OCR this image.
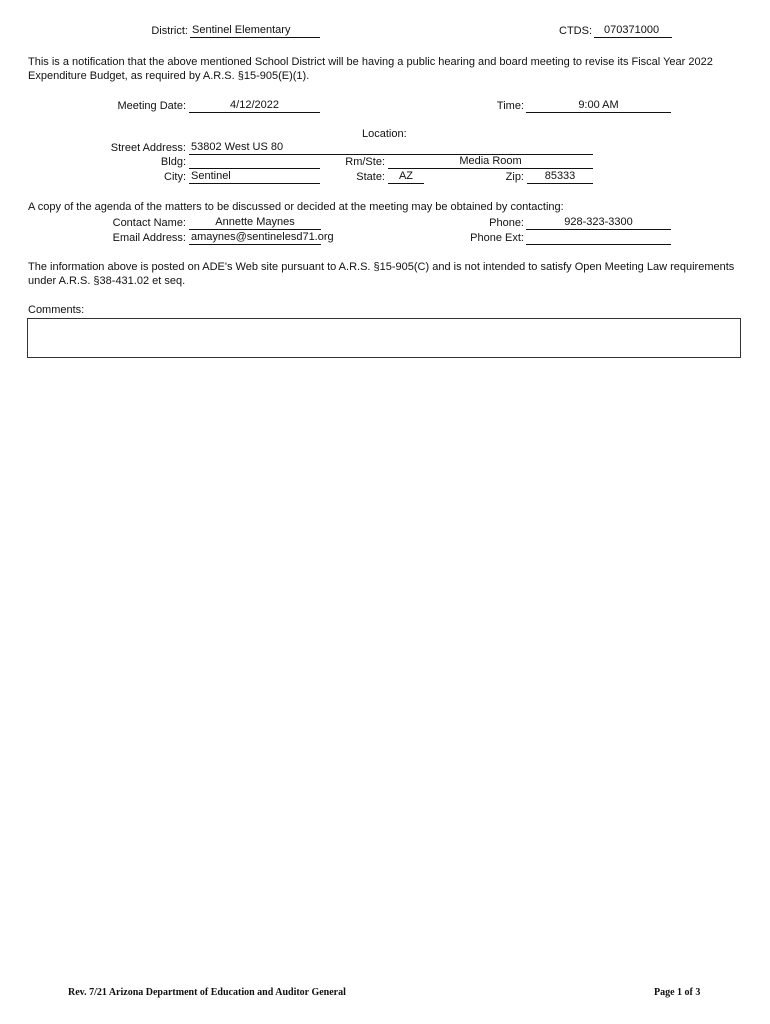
District: Sentinel Elementary	CTDS: 070371000
This is a notification that the above mentioned School District will be having a public hearing and board meeting to revise its Fiscal Year 2022 Expenditure Budget, as required by A.R.S. §15-905(E)(1).
Meeting Date:	4/12/2022	Time:	9:00 AM
Location:
Street Address: 53802 West US 80
Bldg:	Rm/Ste:	Media Room
City: Sentinel	State:	AZ	Zip:	85333
A copy of the agenda of the matters to be discussed or decided at the meeting may be obtained by contacting:
Contact Name:	Annette Maynes	Phone:	928-323-3300
Email Address: amaynes@sentinelesd71.org	Phone Ext:
The information above is posted on ADE's Web site pursuant to A.R.S. §15-905(C) and is not intended to satisfy Open Meeting Law requirements under A.R.S. §38-431.02 et seq.
Comments:
Rev. 7/21 Arizona Department of Education and Auditor General	Page 1 of 3
